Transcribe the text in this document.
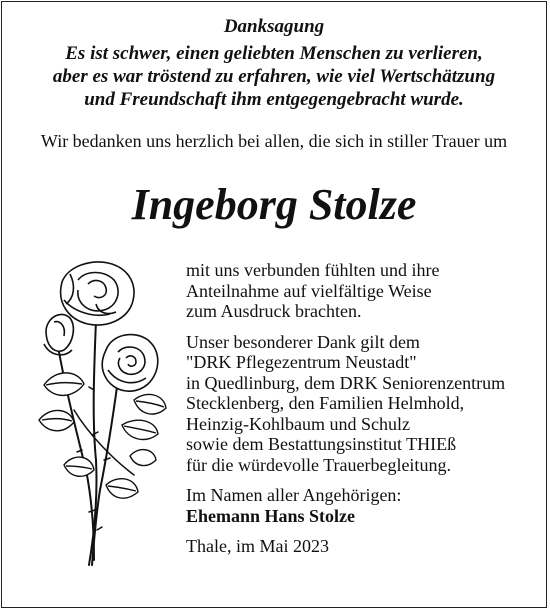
Danksagung
Es ist schwer, einen geliebten Menschen zu verlieren,
aber es war tröstend zu erfahren, wie viel Wertschätzung
und Freundschaft ihm entgegengebracht wurde.
Wir bedanken uns herzlich bei allen, die sich in stiller Trauer um
Ingeborg Stolze
mit uns verbunden fühlten und ihre
Anteilnahme auf vielfältige Weise
zum Ausdruck brachten.
Unser besonderer Dank gilt dem
"DRK Pflegezentrum Neustadt"
in Quedlinburg, dem DRK Seniorenzentrum
Stecklenberg, den Familien Helmhold,
Heinzig-Kohlbaum und Schulz
sowie dem Bestattungsinstitut THIEß
für die würdevolle Trauerbegleitung.
Im Namen aller Angehörigen:
Ehemann Hans Stolze
Thale, im Mai 2023
